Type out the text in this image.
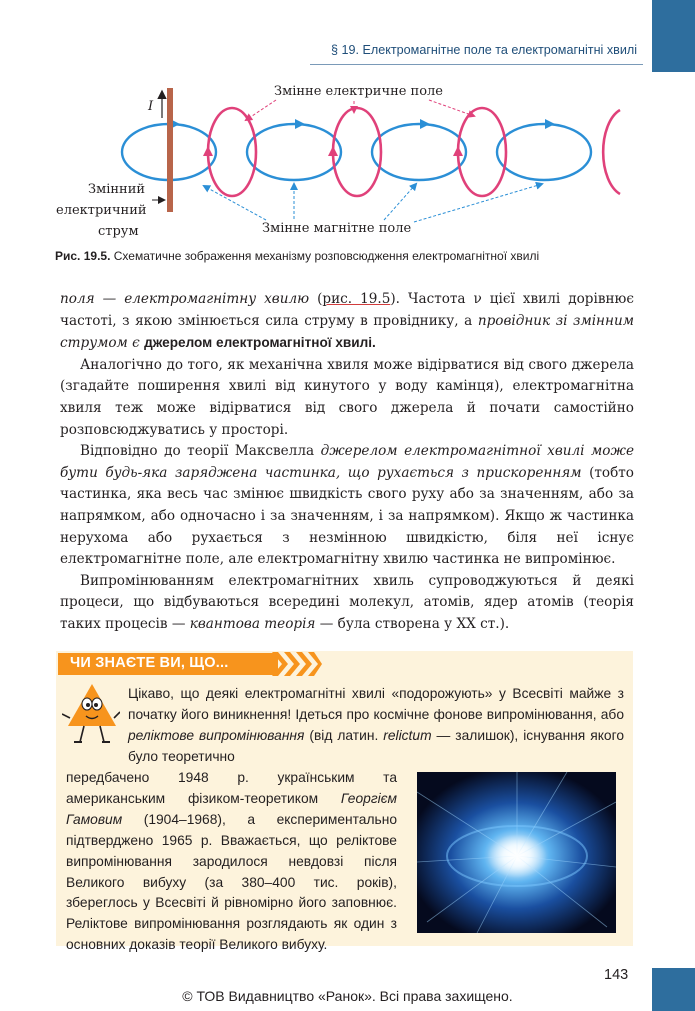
§ 19. Електромагнітне поле та електромагнітні хвилі
I
Змінне електричне поле
Змінний
електричний
струм	Змінне магнітне поле
Рис. 19.5. Схематичне зображення механізму розповсюдження електромагнітної хвилі

поля — електромагнітну хвилю (рис. 19.5). Частота ν цієї хвилі дорівнює частоті, з якою змінюється сила струму в провіднику, а провідник зі змінним струмом є джерелом електромагнітної хвилі.

Аналогічно до того, як механічна хвиля може відірватися від свого джерела (згадайте поширення хвилі від кинутого у воду камінця), електромагнітна хвиля теж може відірватися від свого джерела й почати самостійно розповсюджуватись у просторі.

Відповідно до теорії Максвелла джерелом електромагнітної хвилі може бути будь-яка заряджена частинка, що рухається з прискоренням (тобто частинка, яка весь час змінює швидкість свого руху або за значенням, або за напрямком, або одночасно і за значенням, і за напрямком). Якщо ж частинка нерухома або рухається з незмінною швидкістю, біля неї існує електромагнітне поле, але електромагнітну хвилю частинка не випромінює.

Випромінюванням електромагнітних хвиль супроводжуються й деякі процеси, що відбуваються всередині молекул, атомів, ядер атомів (теорія таких процесів — квантова теорія — була створена у XX ст.).

ЧИ ЗНАЄТЕ ВИ, ЩО...
Цікаво, що деякі електромагнітні хвилі «подорожують» у Всесвіті майже з початку його виникнення! Ідеться про космічне фонове випромінювання, або реліктове випромінювання (від латин. relictum — залишок), існування якого було теоретично
передбачено 1948 р. українським та американським фізиком-теоретиком Георгієм Гамовим (1904–1968), а експериментально підтверджено 1965 р. Вважається, що реліктове випромінювання зародилося невдовзі після Великого вибуху (за 380–400 тис. років), збереглось у Всесвіті й рівномірно його заповнює. Реліктове випромінювання розглядають як один з основних доказів теорії Великого вибуху.
143
© ТОВ Видавництво «Ранок». Всі права захищено.
